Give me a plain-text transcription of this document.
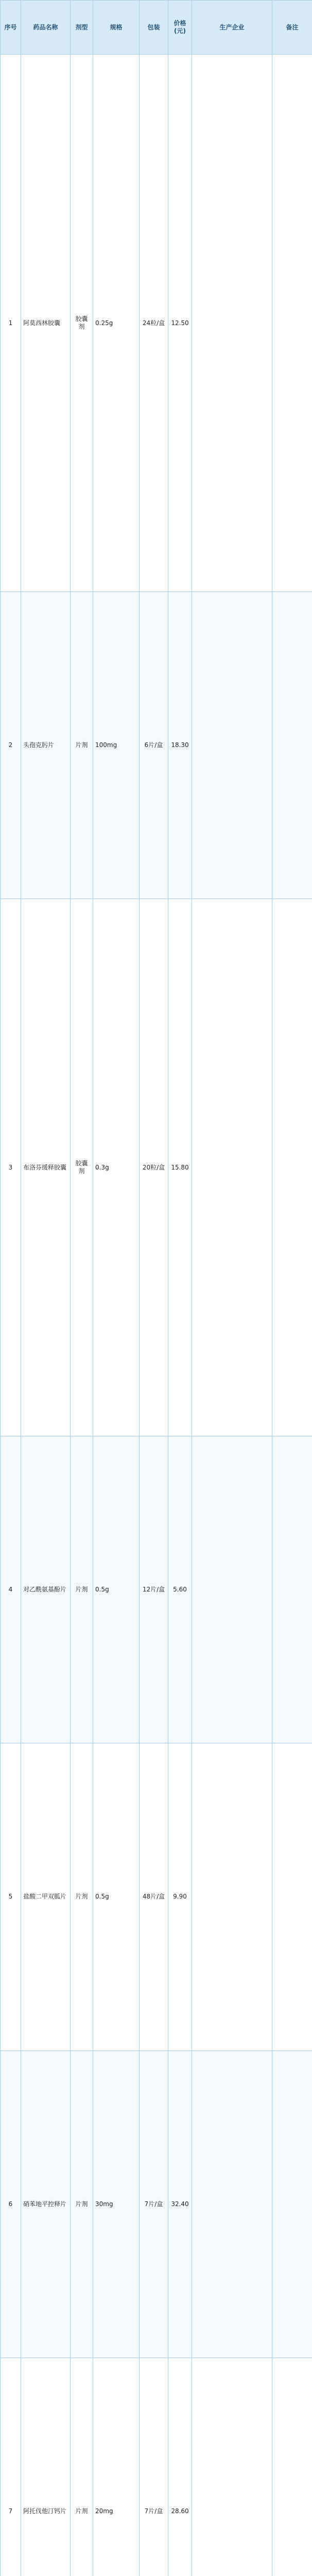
序号	药品名称	剂型	规格	包装	价格(元)	生产企业	备注
1	阿莫西林胶囊	胶囊剂	0.25g	24粒/盒	12.50		
2	头孢克肟片	片剂	100mg	6片/盒	18.30		
3	布洛芬缓释胶囊	胶囊剂	0.3g	20粒/盒	15.80		
4	对乙酰氨基酚片	片剂	0.5g	12片/盒	5.60		
5	盐酸二甲双胍片	片剂	0.5g	48片/盒	9.90		
6	硝苯地平控释片	片剂	30mg	7片/盒	32.40		
7	阿托伐他汀钙片	片剂	20mg	7片/盒	28.60		
